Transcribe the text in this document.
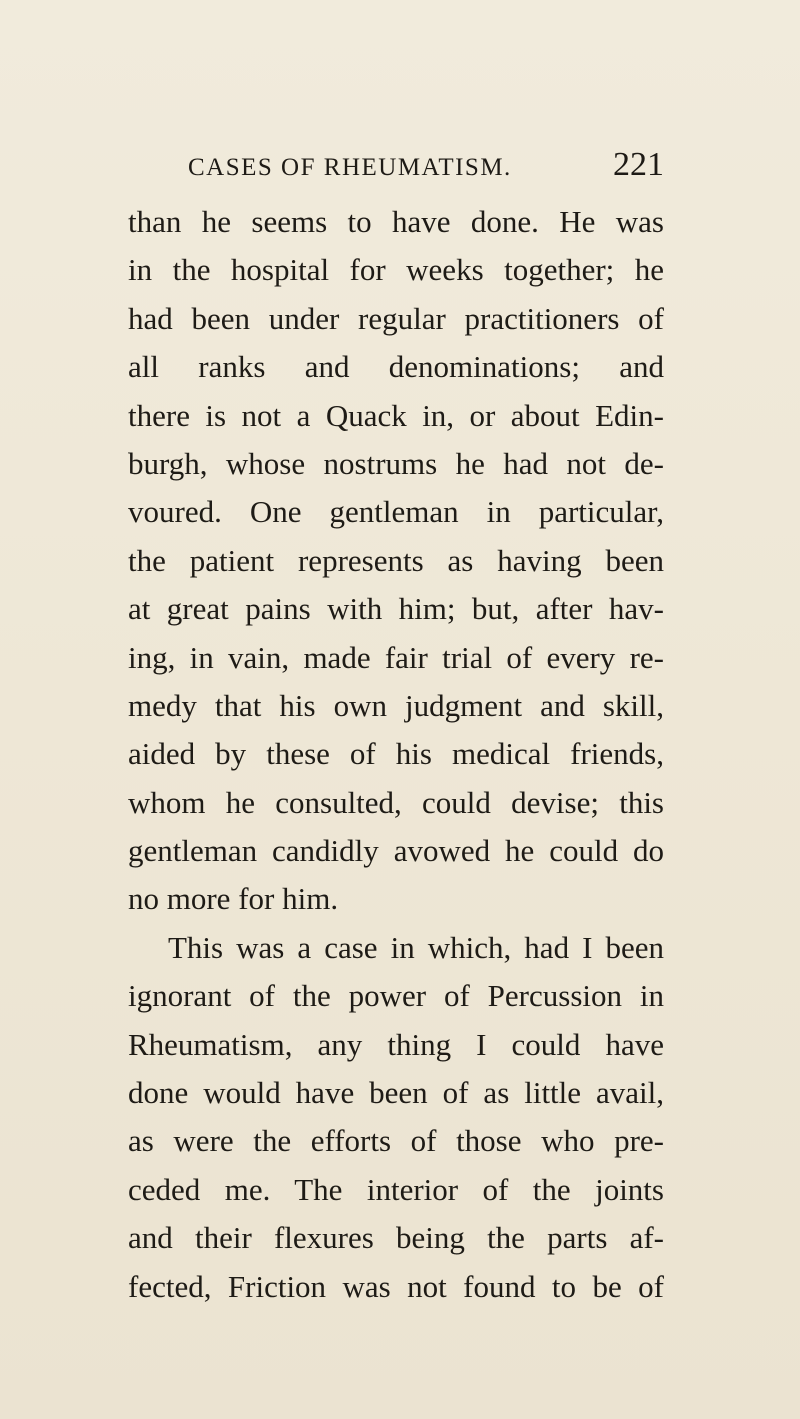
CASES OF RHEUMATISM.	221
than he seems to have done. He was
in the hospital for weeks together; he
had been under regular practitioners of
all ranks and denominations; and
there is not a Quack in, or about Edin-
burgh, whose nostrums he had not de-
voured. One gentleman in particular,
the patient represents as having been
at great pains with him; but, after hav-
ing, in vain, made fair trial of every re-
medy that his own judgment and skill,
aided by these of his medical friends,
whom he consulted, could devise; this
gentleman candidly avowed he could do
no more for him.
This was a case in which, had I been
ignorant of the power of Percussion in
Rheumatism, any thing I could have
done would have been of as little avail,
as were the efforts of those who pre-
ceded me. The interior of the joints
and their flexures being the parts af-
fected, Friction was not found to be of
